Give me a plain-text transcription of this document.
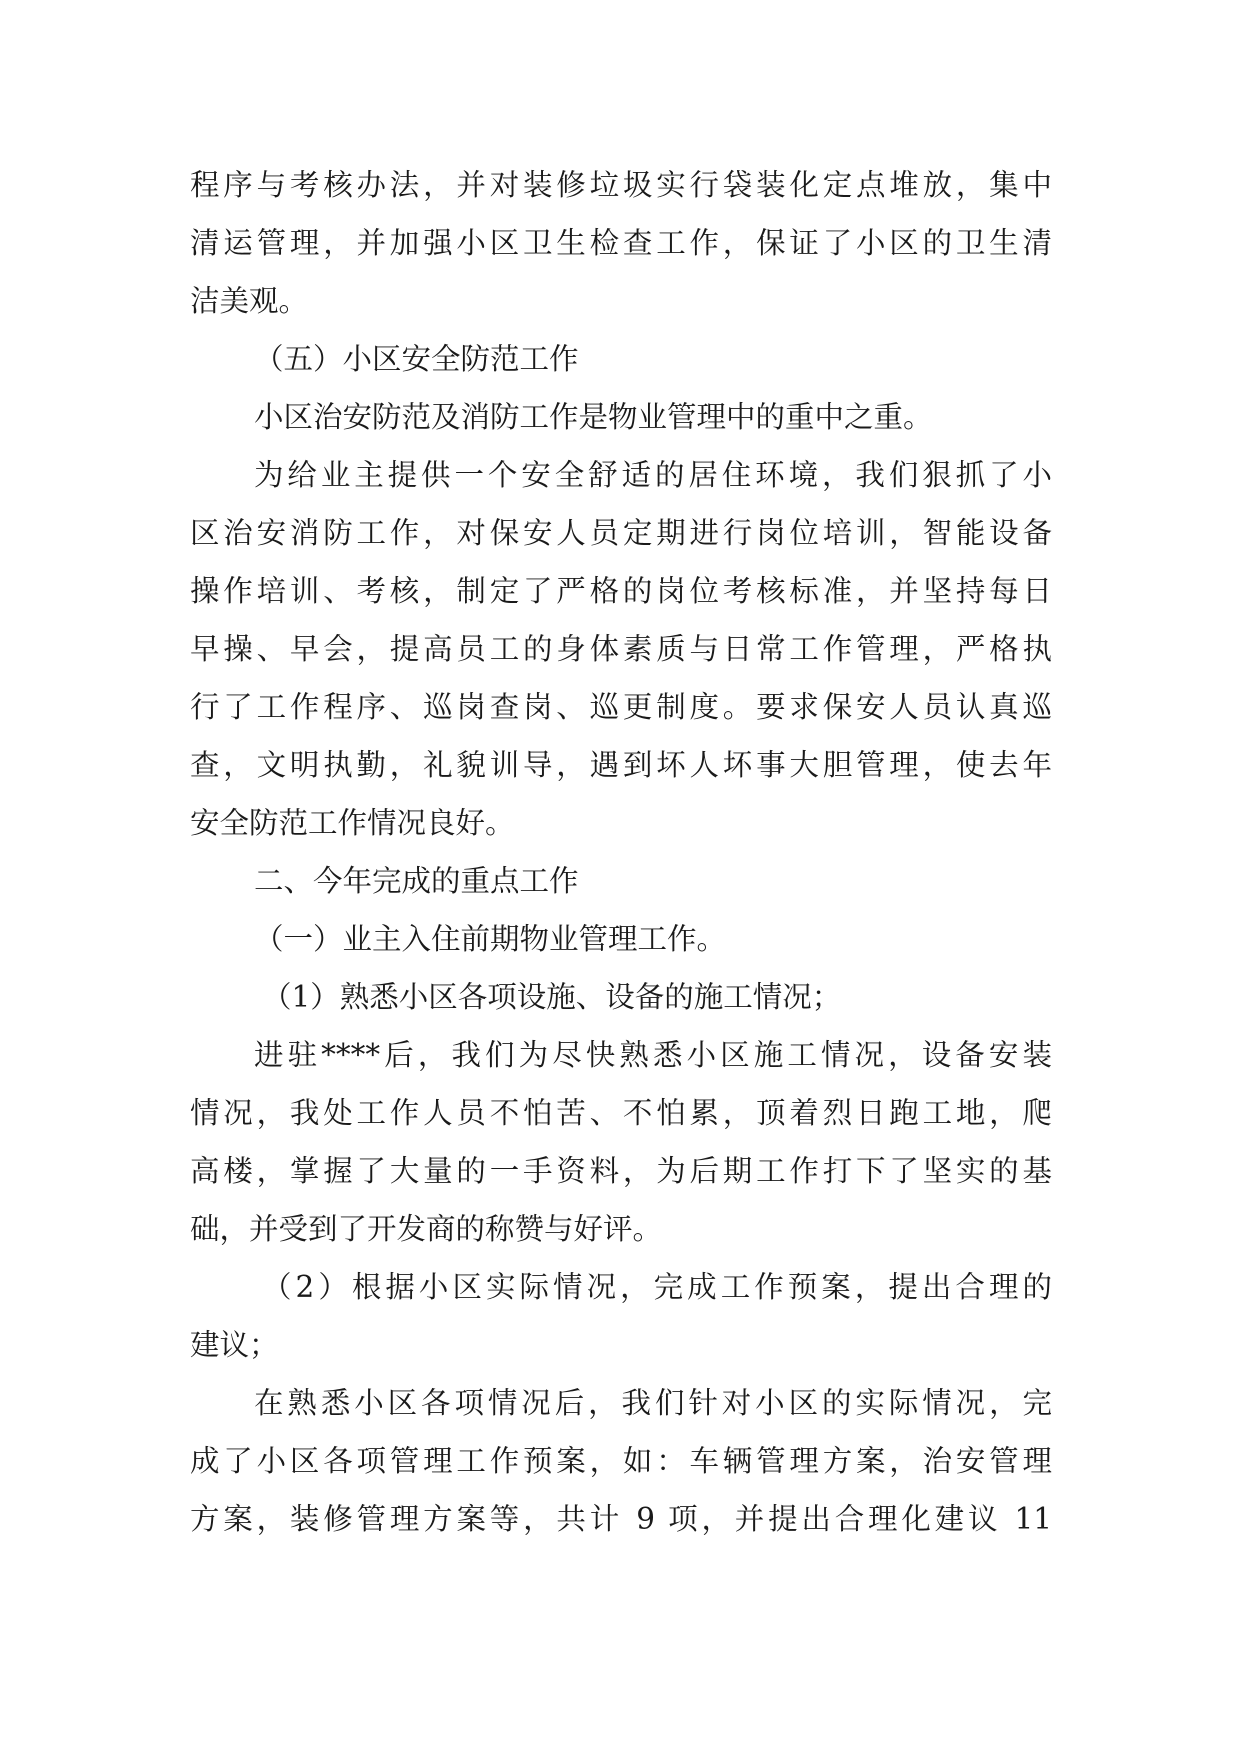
程序与考核办法，并对装修垃圾实行袋装化定点堆放，集中
清运管理，并加强小区卫生检查工作，保证了小区的卫生清
洁美观。
（五）小区安全防范工作
小区治安防范及消防工作是物业管理中的重中之重。
为给业主提供一个安全舒适的居住环境，我们狠抓了小
区治安消防工作，对保安人员定期进行岗位培训，智能设备
操作培训、考核，制定了严格的岗位考核标准，并坚持每日
早操、早会，提高员工的身体素质与日常工作管理，严格执
行了工作程序、巡岗查岗、巡更制度。要求保安人员认真巡
查，文明执勤，礼貌训导，遇到坏人坏事大胆管理，使去年
安全防范工作情况良好。
二、今年完成的重点工作
（一）业主入住前期物业管理工作。
（1）熟悉小区各项设施、设备的施工情况；
进驻****后，我们为尽快熟悉小区施工情况，设备安装
情况，我处工作人员不怕苦、不怕累，顶着烈日跑工地，爬
高楼，掌握了大量的一手资料，为后期工作打下了坚实的基
础，并受到了开发商的称赞与好评。
（2）根据小区实际情况，完成工作预案，提出合理的
建议；
在熟悉小区各项情况后，我们针对小区的实际情况，完
成了小区各项管理工作预案，如：车辆管理方案，治安管理
方案，装修管理方案等，共计 9 项，并提出合理化建议 11
